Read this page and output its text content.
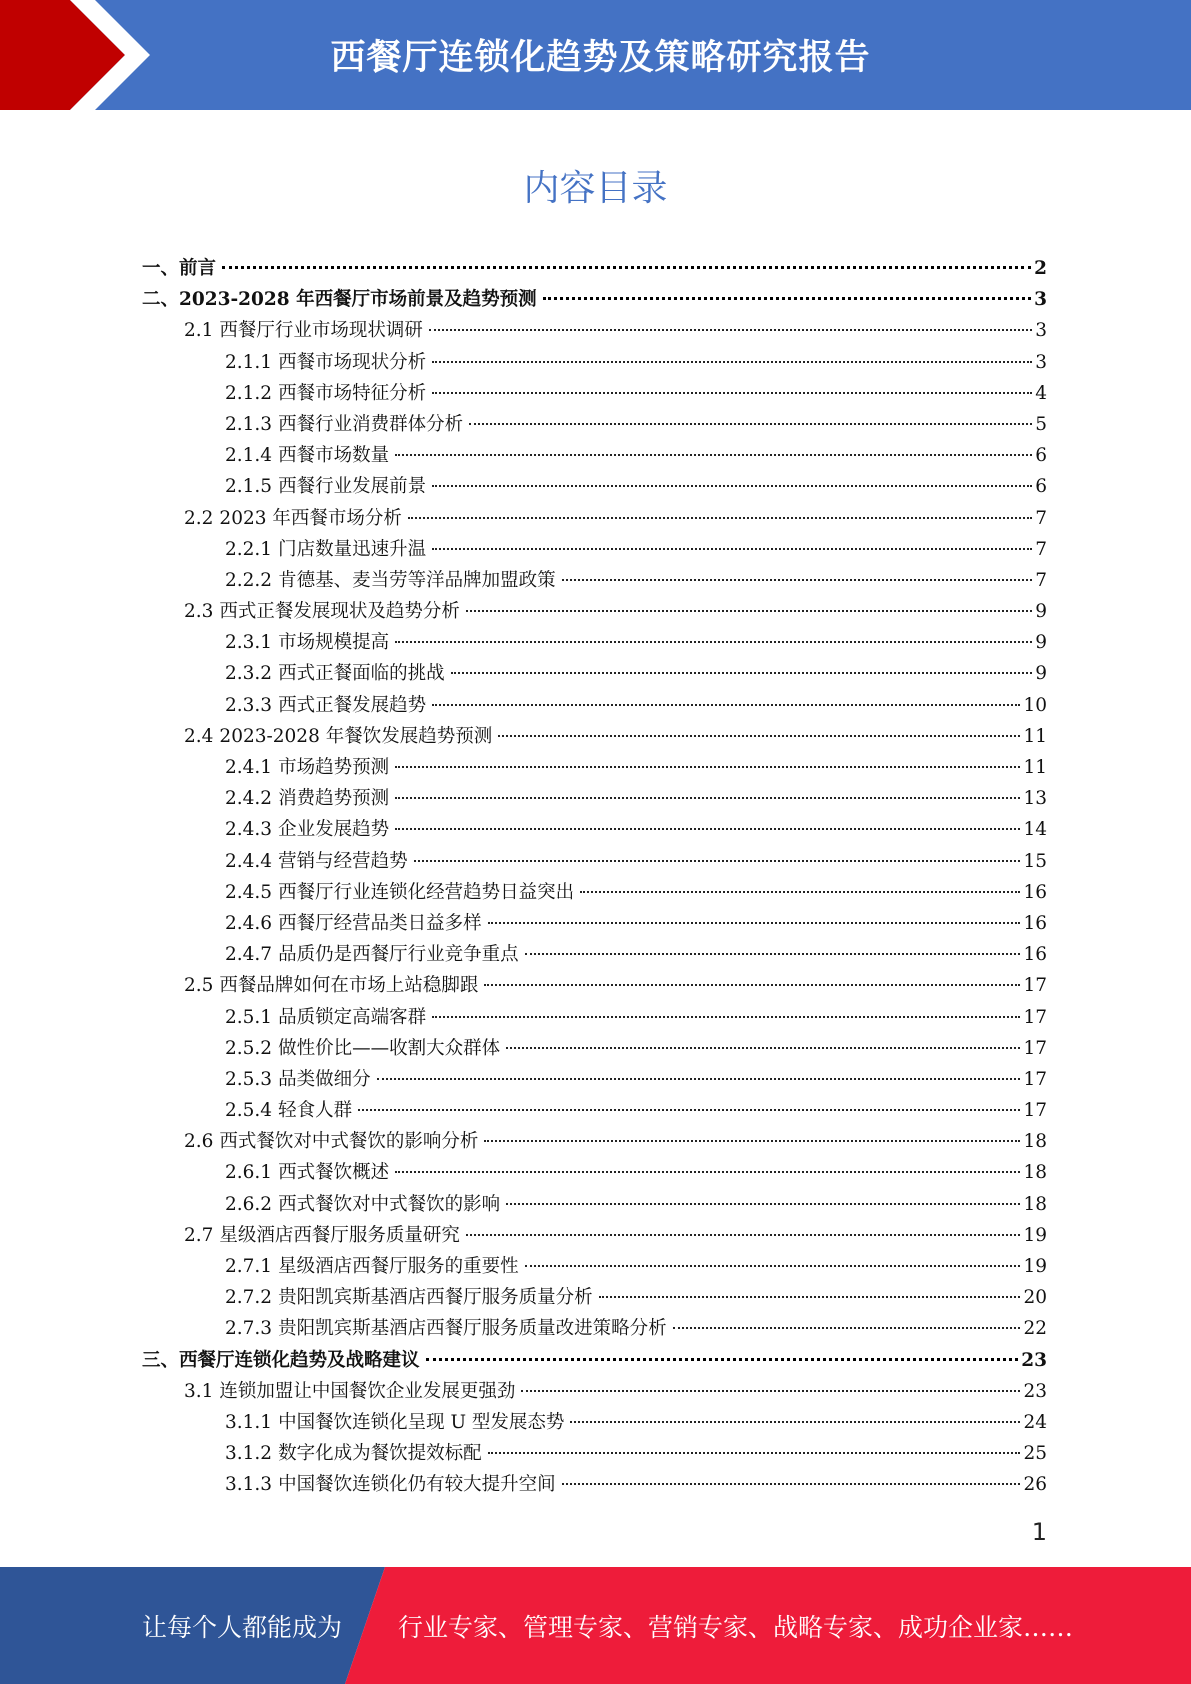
西餐厅连锁化趋势及策略研究报告
内容目录
一、前言	2
二、2023-2028 年西餐厅市场前景及趋势预测	3
2.1 西餐厅行业市场现状调研	3
2.1.1 西餐市场现状分析	3
2.1.2 西餐市场特征分析	4
2.1.3 西餐行业消费群体分析	5
2.1.4 西餐市场数量	6
2.1.5 西餐行业发展前景	6
2.2 2023 年西餐市场分析	7
2.2.1 门店数量迅速升温	7
2.2.2 肯德基、麦当劳等洋品牌加盟政策	7
2.3 西式正餐发展现状及趋势分析	9
2.3.1 市场规模提高	9
2.3.2 西式正餐面临的挑战	9
2.3.3 西式正餐发展趋势	10
2.4 2023-2028 年餐饮发展趋势预测	11
2.4.1 市场趋势预测	11
2.4.2 消费趋势预测	13
2.4.3 企业发展趋势	14
2.4.4 营销与经营趋势	15
2.4.5 西餐厅行业连锁化经营趋势日益突出	16
2.4.6 西餐厅经营品类日益多样	16
2.4.7 品质仍是西餐厅行业竞争重点	16
2.5 西餐品牌如何在市场上站稳脚跟	17
2.5.1 品质锁定高端客群	17
2.5.2 做性价比——收割大众群体	17
2.5.3 品类做细分	17
2.5.4 轻食人群	17
2.6 西式餐饮对中式餐饮的影响分析	18
2.6.1 西式餐饮概述	18
2.6.2 西式餐饮对中式餐饮的影响	18
2.7 星级酒店西餐厅服务质量研究	19
2.7.1 星级酒店西餐厅服务的重要性	19
2.7.2 贵阳凯宾斯基酒店西餐厅服务质量分析	20
2.7.3 贵阳凯宾斯基酒店西餐厅服务质量改进策略分析	22
三、西餐厅连锁化趋势及战略建议	23
3.1 连锁加盟让中国餐饮企业发展更强劲	23
3.1.1 中国餐饮连锁化呈现 U 型发展态势	24
3.1.2 数字化成为餐饮提效标配	25
3.1.3 中国餐饮连锁化仍有较大提升空间	26
1
让每个人都能成为 行业专家、管理专家、营销专家、战略专家、成功企业家……
